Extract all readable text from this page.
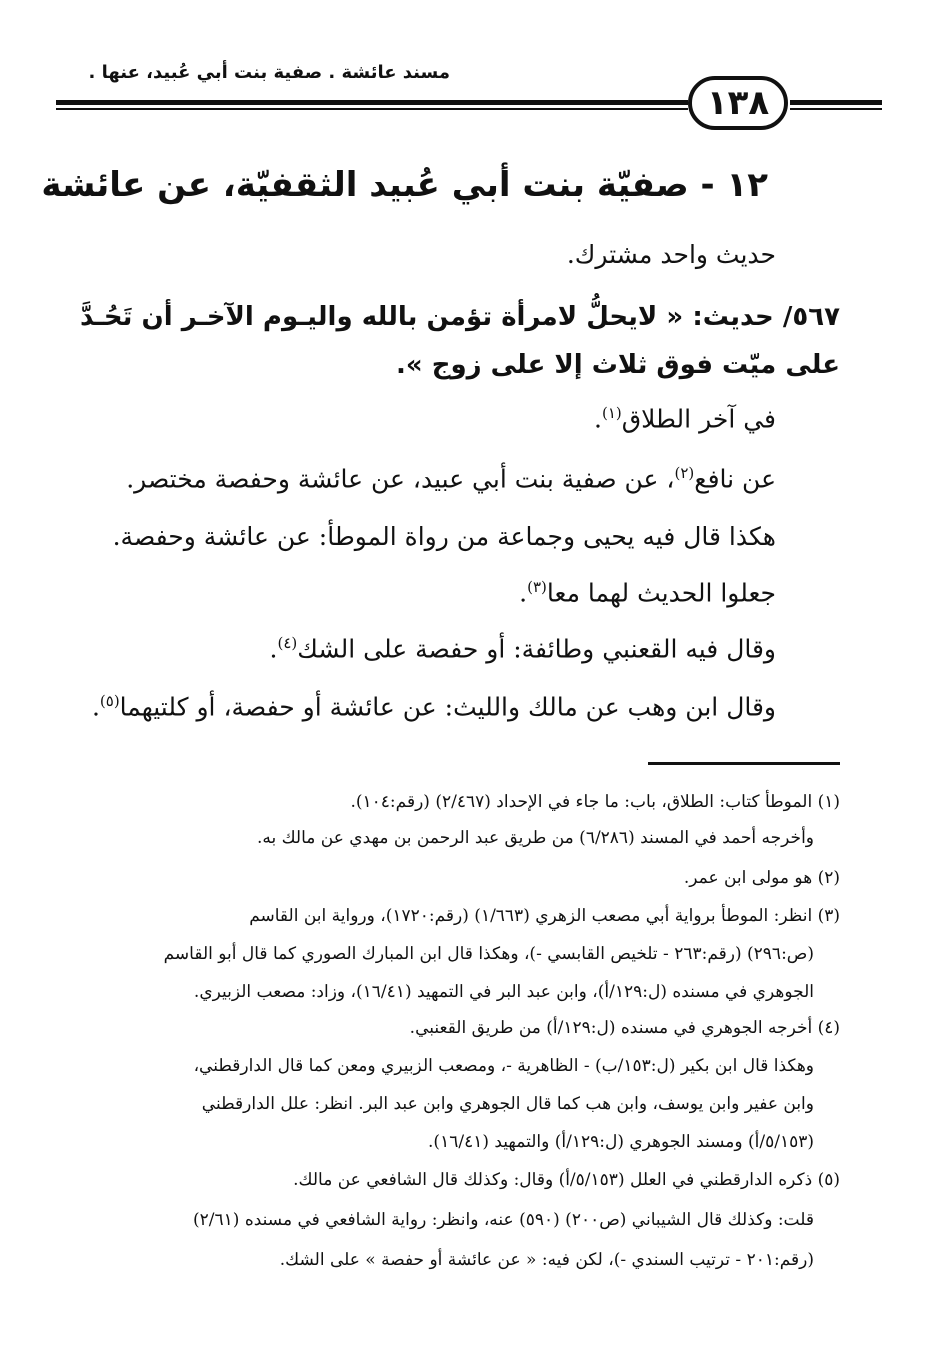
مسند عائشة . صفية بنت أبي عُبيد، عنها .
١٣٨
١٢ - صفيّة بنت أبي عُبيد الثقفيّة، عن عائشة
حديث واحد مشترك.
٥٦٧/ حديث: « لايحلُّ لامرأة تؤمن بالله واليـوم الآخـر أن تَحُـدَّ على ميّت فوق ثلاث إلا على زوج ».
في آخر الطلاق$^{(١)}$.
عن نافع$^{(٢)}$، عن صفية بنت أبي عبيد، عن عائشة وحفصة مختصر.
هكذا قال فيه يحيى وجماعة من رواة الموطأ: عن عائشة وحفصة.
جعلوا الحديث لهما معا$^{(٣)}$.
وقال فيه القعنبي وطائفة: أو حفصة على الشك$^{(٤)}$.
وقال ابن وهب عن مالك والليث: عن عائشة أو حفصة، أو كلتيهما$^{(٥)}$.
(١) الموطأ كتاب: الطلاق، باب: ما جاء في الإحداد (٢/٤٦٧) (رقم:١٠٤).
وأخرجه أحمد في المسند (٦/٢٨٦) من طريق عبد الرحمن بن مهدي عن مالك به.
(٢) هو مولى ابن عمر.
(٣) انظر: الموطأ برواية أبي مصعب الزهري (١/٦٦٣) (رقم:١٧٢٠)، ورواية ابن القاسم
(ص:٢٩٦) (رقم:٢٦٣ - تلخيص القابسي -)، وهكذا قال ابن المبارك الصوري كما قال أبو القاسم
الجوهري في مسنده (ل:١٢٩/أ)، وابن عبد البر في التمهيد (١٦/٤١)، وزاد: مصعب الزبيري.
(٤) أخرجه الجوهري في مسنده (ل:١٢٩/أ) من طريق القعنبي.
وهكذا قال ابن بكير (ل:١٥٣/ب) - الظاهرية -، ومصعب الزبيري ومعن كما قال الدارقطني،
وابن عفير وابن يوسف، وابن هب كما قال الجوهري وابن عبد البر. انظر: علل الدارقطني
(٥/١٥٣/أ) ومسند الجوهري (ل:١٢٩/أ) والتمهيد (١٦/٤١).
(٥) ذكره الدارقطني في العلل (٥/١٥٣/أ) وقال: وكذلك قال الشافعي عن مالك.
قلت: وكذلك قال الشيباني (ص٢٠٠) (٥٩٠) عنه، وانظر: رواية الشافعي في مسنده (٢/٦١)
(رقم:٢٠١ - ترتيب السندي -)، لكن فيه: « عن عائشة أو حفصة » على الشك.
